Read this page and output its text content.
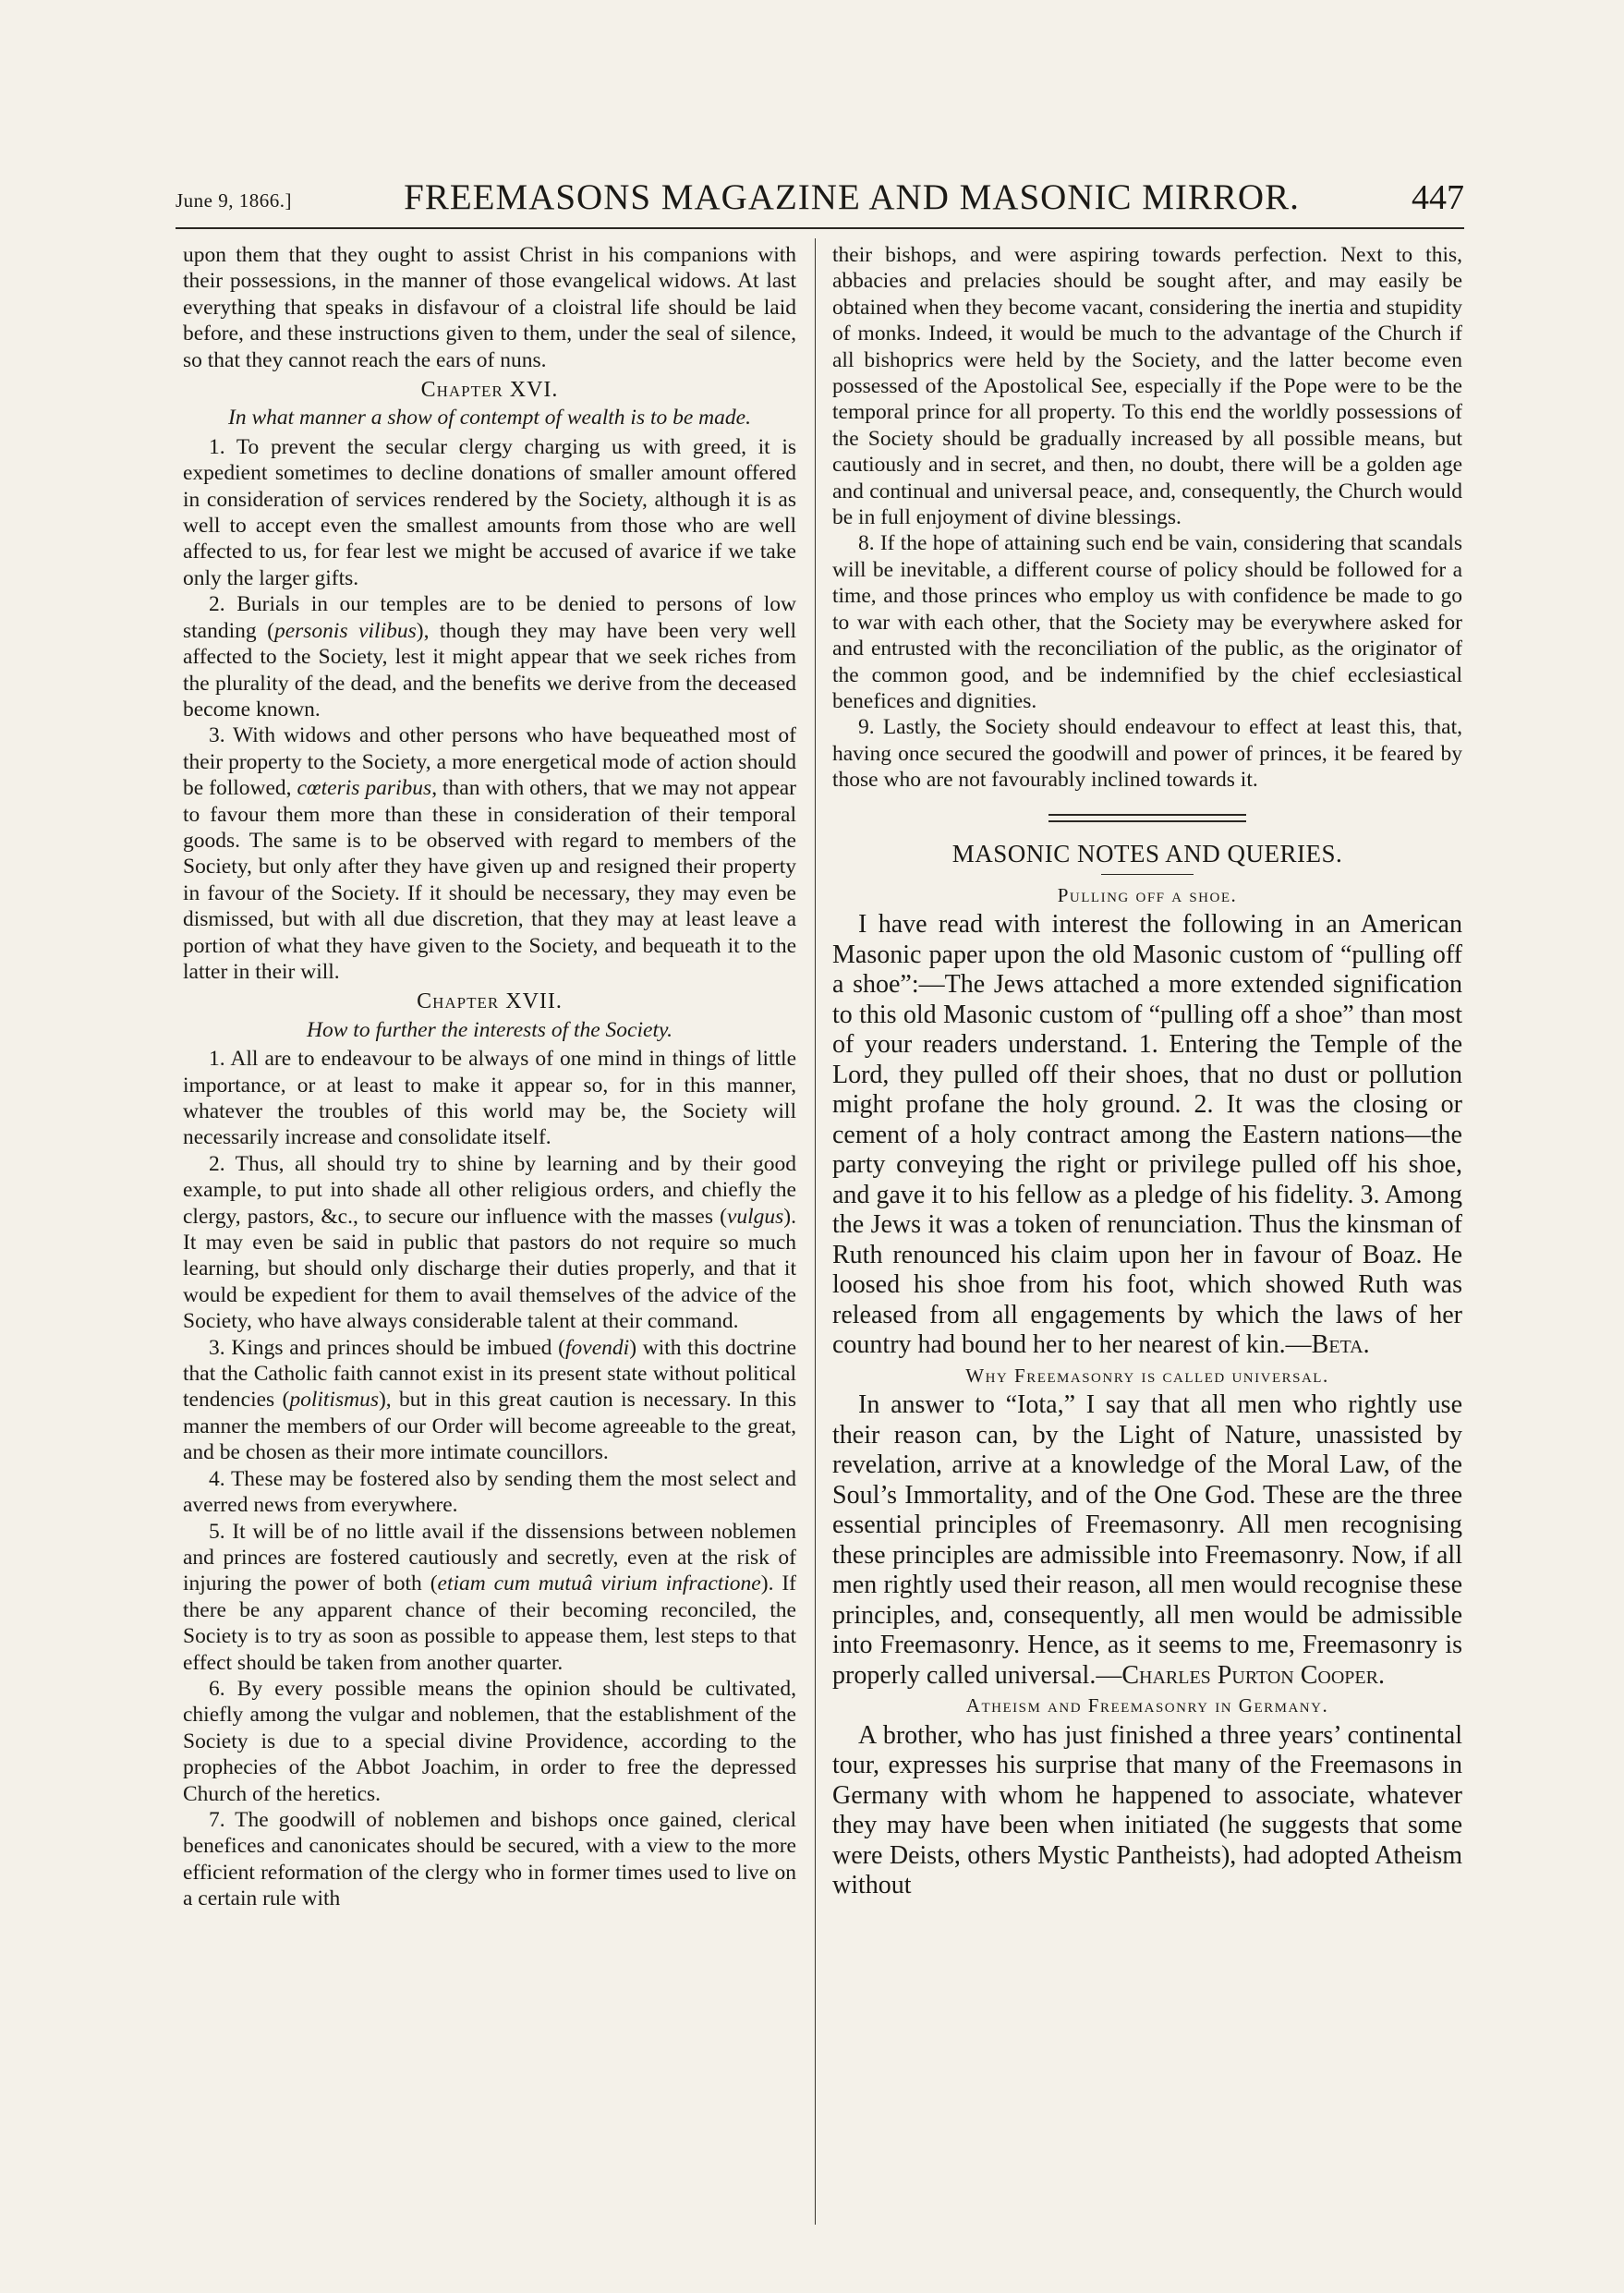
June 9, 1866.]	FREEMASONS MAGAZINE AND MASONIC MIRROR.	447

upon them that they ought to assist Christ in his companions with their possessions, in the manner of those evangelical widows. At last everything that speaks in disfavour of a cloistral life should be laid before, and these instructions given to them, under the seal of silence, so that they cannot reach the ears of nuns.

Chapter XVI.
In what manner a show of contempt of wealth is to be made.

1. To prevent the secular clergy charging us with greed, it is expedient sometimes to decline donations of smaller amount offered in consideration of services rendered by the Society, although it is as well to accept even the smallest amounts from those who are well affected to us, for fear lest we might be accused of avarice if we take only the larger gifts.

2. Burials in our temples are to be denied to persons of low standing (personis vilibus), though they may have been very well affected to the Society, lest it might appear that we seek riches from the plurality of the dead, and the benefits we derive from the deceased become known.

3. With widows and other persons who have bequeathed most of their property to the Society, a more energetical mode of action should be followed, cœteris paribus, than with others, that we may not appear to favour them more than these in consideration of their temporal goods. The same is to be observed with regard to members of the Society, but only after they have given up and resigned their property in favour of the Society. If it should be necessary, they may even be dismissed, but with all due discretion, that they may at least leave a portion of what they have given to the Society, and bequeath it to the latter in their will.

Chapter XVII.
How to further the interests of the Society.

1. All are to endeavour to be always of one mind in things of little importance, or at least to make it appear so, for in this manner, whatever the troubles of this world may be, the Society will necessarily increase and consolidate itself.

2. Thus, all should try to shine by learning and by their good example, to put into shade all other religious orders, and chiefly the clergy, pastors, &c., to secure our influence with the masses (vulgus). It may even be said in public that pastors do not require so much learning, but should only discharge their duties properly, and that it would be expedient for them to avail themselves of the advice of the Society, who have always considerable talent at their command.

3. Kings and princes should be imbued (fovendi) with this doctrine that the Catholic faith cannot exist in its present state without political tendencies (politismus), but in this great caution is necessary. In this manner the members of our Order will become agreeable to the great, and be chosen as their more intimate councillors.

4. These may be fostered also by sending them the most select and averred news from everywhere.

5. It will be of no little avail if the dissensions between noblemen and princes are fostered cautiously and secretly, even at the risk of injuring the power of both (etiam cum mutuâ virium infractione). If there be any apparent chance of their becoming reconciled, the Society is to try as soon as possible to appease them, lest steps to that effect should be taken from another quarter.

6. By every possible means the opinion should be cultivated, chiefly among the vulgar and noblemen, that the establishment of the Society is due to a special divine Providence, according to the prophecies of the Abbot Joachim, in order to free the depressed Church of the heretics.

7. The goodwill of noblemen and bishops once gained, clerical benefices and canonicates should be secured, with a view to the more efficient reformation of the clergy who in former times used to live on a certain rule with

their bishops, and were aspiring towards perfection. Next to this, abbacies and prelacies should be sought after, and may easily be obtained when they become vacant, considering the inertia and stupidity of monks. Indeed, it would be much to the advantage of the Church if all bishoprics were held by the Society, and the latter become even possessed of the Apostolical See, especially if the Pope were to be the temporal prince for all property. To this end the worldly possessions of the Society should be gradually increased by all possible means, but cautiously and in secret, and then, no doubt, there will be a golden age and continual and universal peace, and, consequently, the Church would be in full enjoyment of divine blessings.

8. If the hope of attaining such end be vain, considering that scandals will be inevitable, a different course of policy should be followed for a time, and those princes who employ us with confidence be made to go to war with each other, that the Society may be everywhere asked for and entrusted with the reconciliation of the public, as the originator of the common good, and be indemnified by the chief ecclesiastical benefices and dignities.

9. Lastly, the Society should endeavour to effect at least this, that, having once secured the goodwill and power of princes, it be feared by those who are not favourably inclined towards it.

MASONIC NOTES AND QUERIES.
Pulling off a shoe.

I have read with interest the following in an American Masonic paper upon the old Masonic custom of “pulling off a shoe”:—The Jews attached a more extended signification to this old Masonic custom of “pulling off a shoe” than most of your readers understand. 1. Entering the Temple of the Lord, they pulled off their shoes, that no dust or pollution might profane the holy ground. 2. It was the closing or cement of a holy contract among the Eastern nations—the party conveying the right or privilege pulled off his shoe, and gave it to his fellow as a pledge of his fidelity. 3. Among the Jews it was a token of renunciation. Thus the kinsman of Ruth renounced his claim upon her in favour of Boaz. He loosed his shoe from his foot, which showed Ruth was released from all engagements by which the laws of her country had bound her to her nearest of kin.—Beta.

Why Freemasonry is called universal.

In answer to “Iota,” I say that all men who rightly use their reason can, by the Light of Nature, unassisted by revelation, arrive at a knowledge of the Moral Law, of the Soul’s Immortality, and of the One God. These are the three essential principles of Freemasonry. All men recognising these principles are admissible into Freemasonry. Now, if all men rightly used their reason, all men would recognise these principles, and, consequently, all men would be admissible into Freemasonry. Hence, as it seems to me, Freemasonry is properly called universal.—Charles Purton Cooper.

Atheism and Freemasonry in Germany.

A brother, who has just finished a three years’ continental tour, expresses his surprise that many of the Freemasons in Germany with whom he happened to associate, whatever they may have been when initiated (he suggests that some were Deists, others Mystic Pantheists), had adopted Atheism without
